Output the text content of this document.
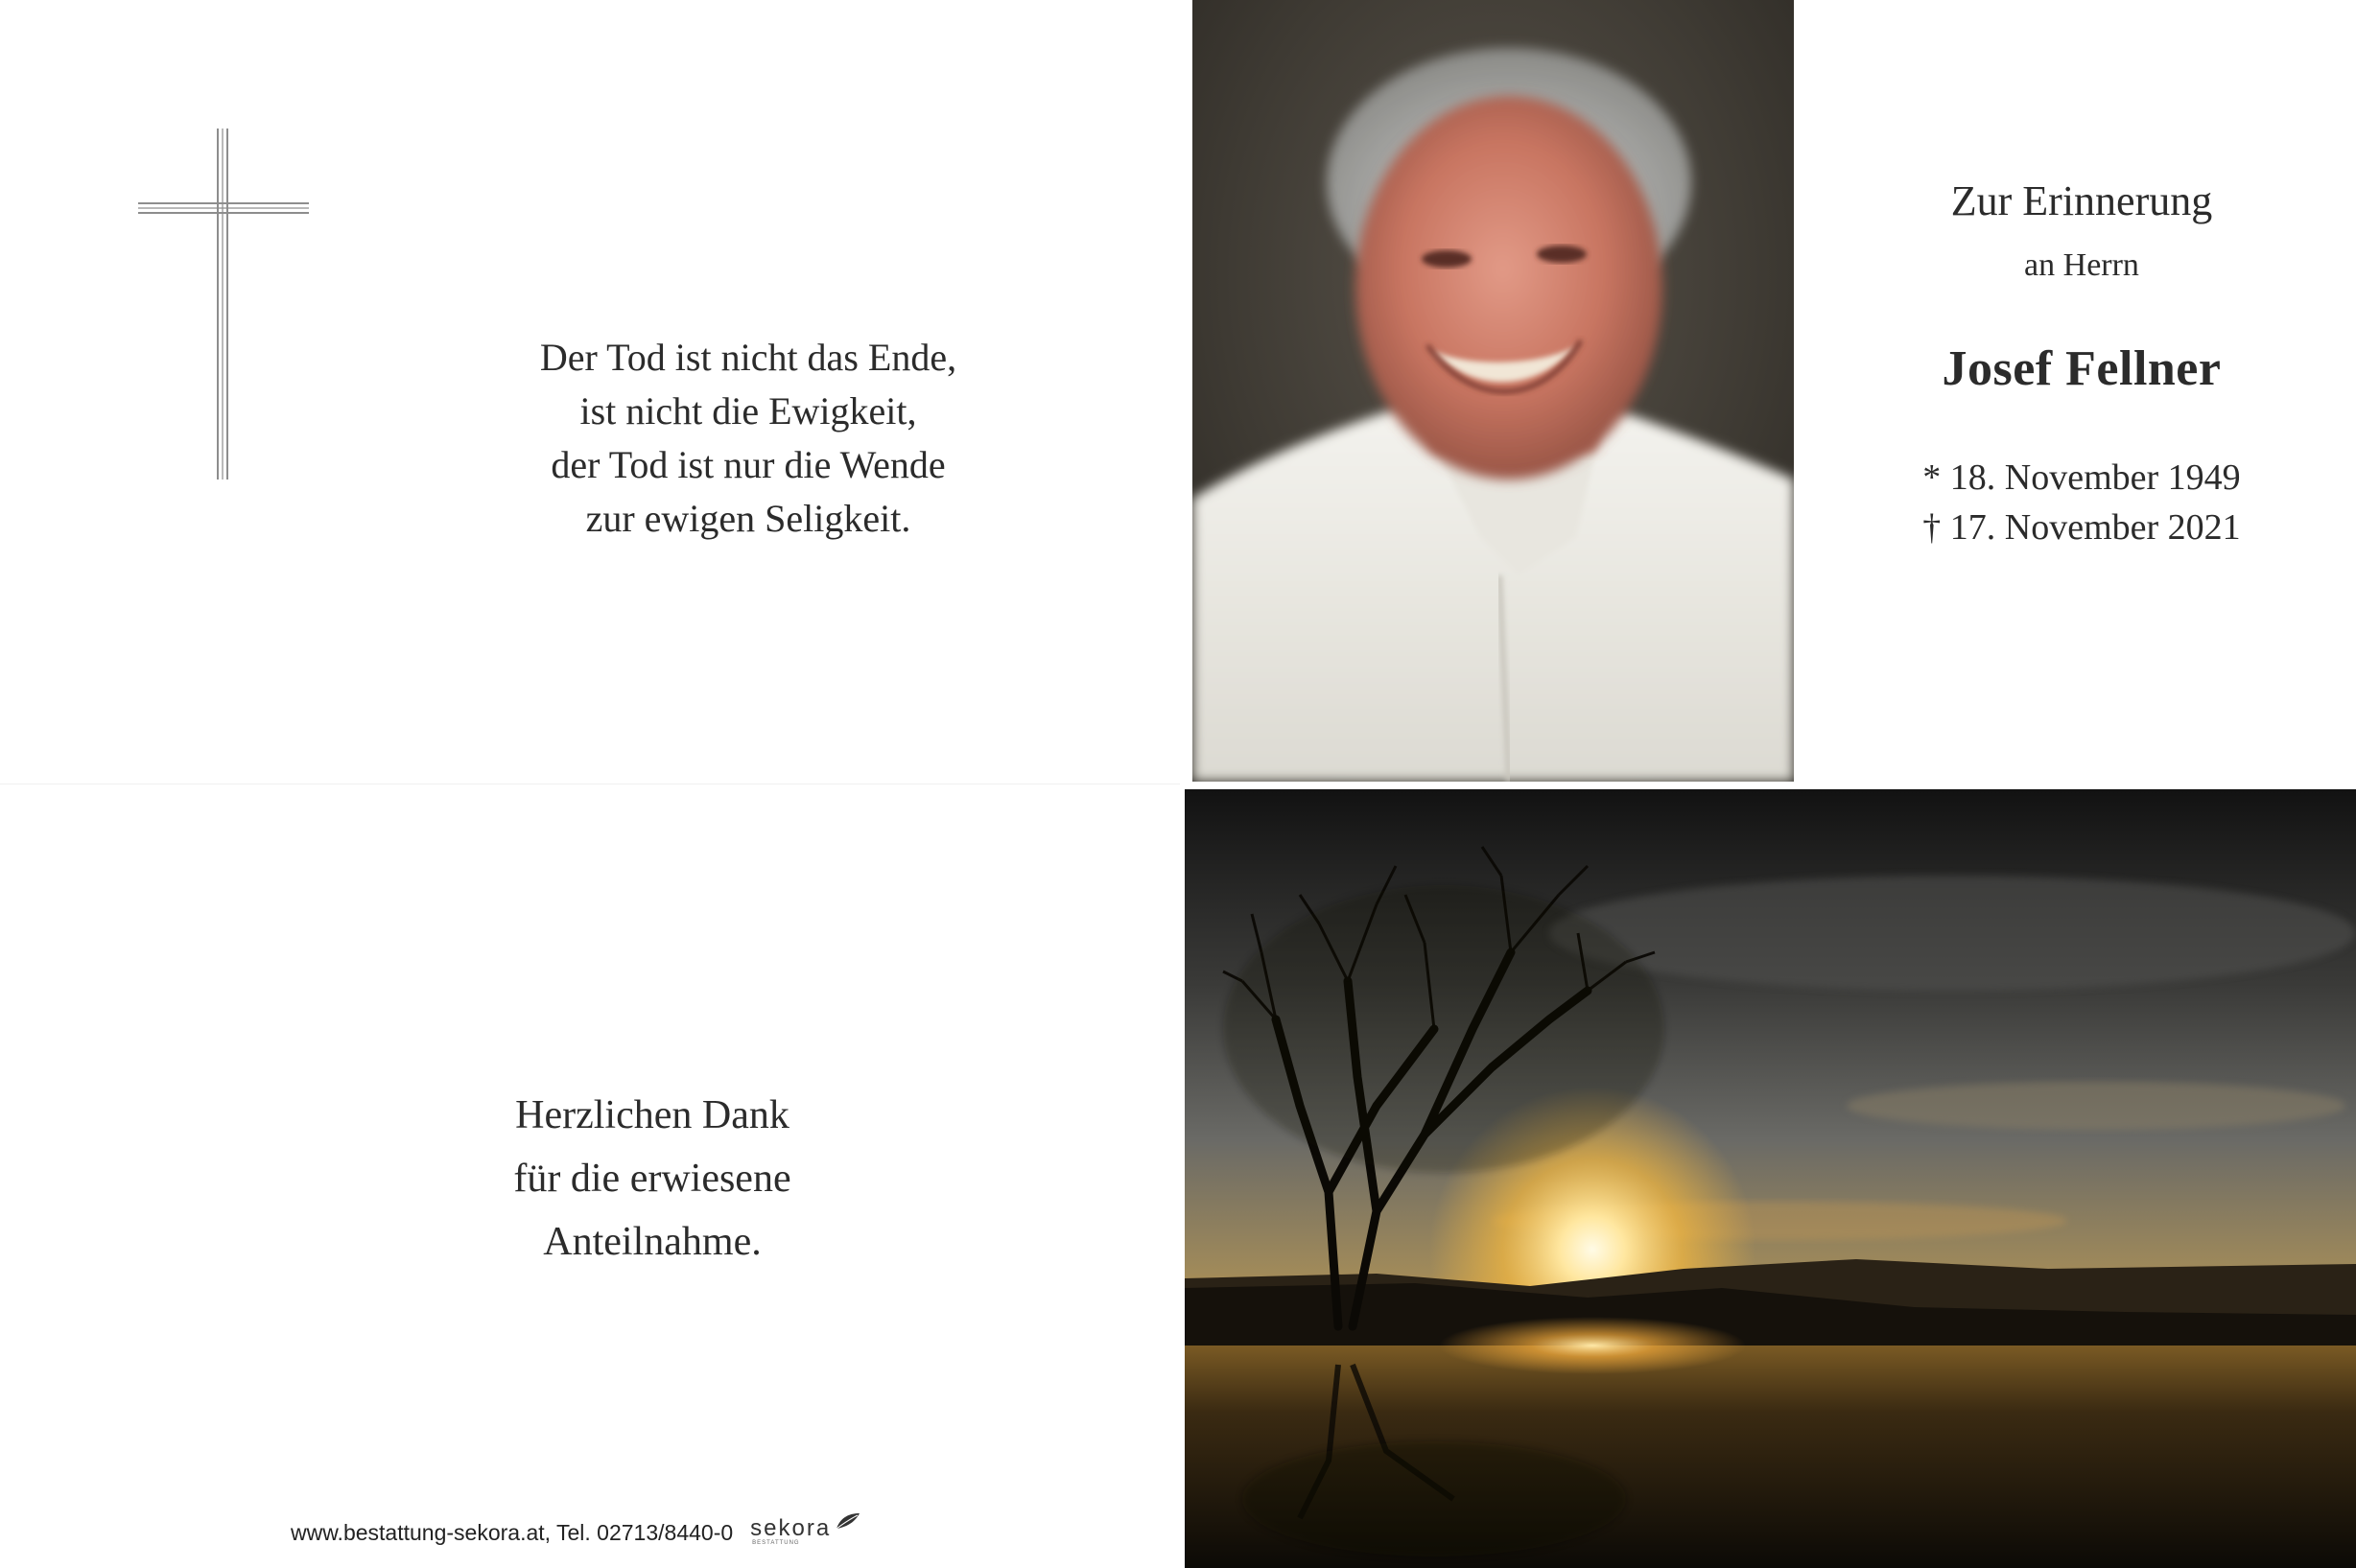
Der Tod ist nicht das Ende,
ist nicht die Ewigkeit,
der Tod ist nur die Wende
zur ewigen Seligkeit.
Herzlichen Dank
für die erwiesene
Anteilnahme.
www.bestattung-sekora.at, Tel. 02713/8440-0 sekora
BESTATTUNG
Zur Erinnerung
an Herrn
Josef Fellner
* 18. November 1949
† 17. November 2021
